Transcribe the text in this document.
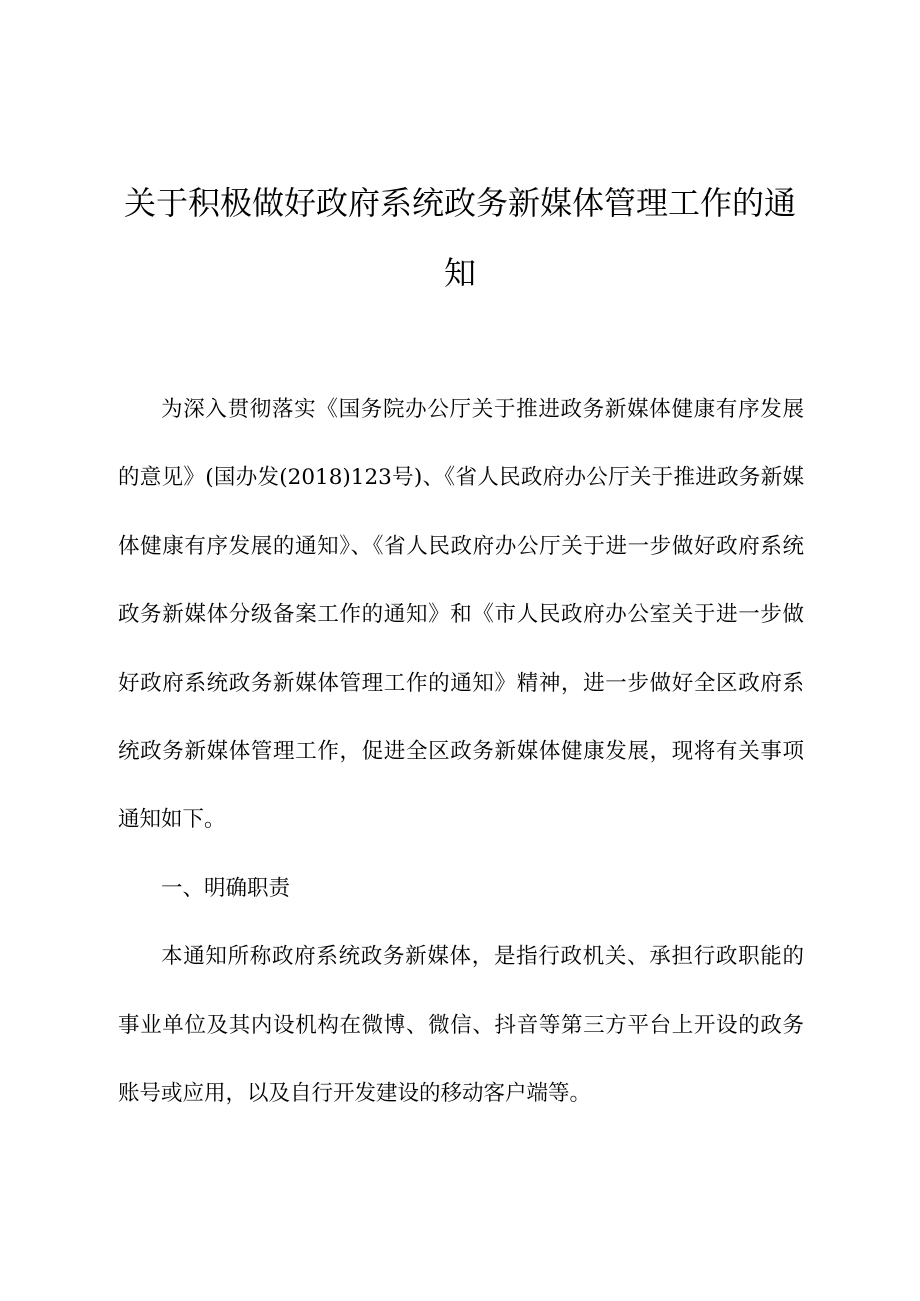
关于积极做好政府系统政务新媒体管理工作的通知

为深入贯彻落实《国务院办公厅关于推进政务新媒体健康有序发展的意见》(国办发(2018)123号)、《省人民政府办公厅关于推进政务新媒体健康有序发展的通知》、《省人民政府办公厅关于进一步做好政府系统政务新媒体分级备案工作的通知》和《市人民政府办公室关于进一步做好政府系统政务新媒体管理工作的通知》精神，进一步做好全区政府系统政务新媒体管理工作，促进全区政务新媒体健康发展，现将有关事项通知如下。

一、明确职责

本通知所称政府系统政务新媒体，是指行政机关、承担行政职能的事业单位及其内设机构在微博、微信、抖音等第三方平台上开设的政务账号或应用，以及自行开发建设的移动客户端等。
